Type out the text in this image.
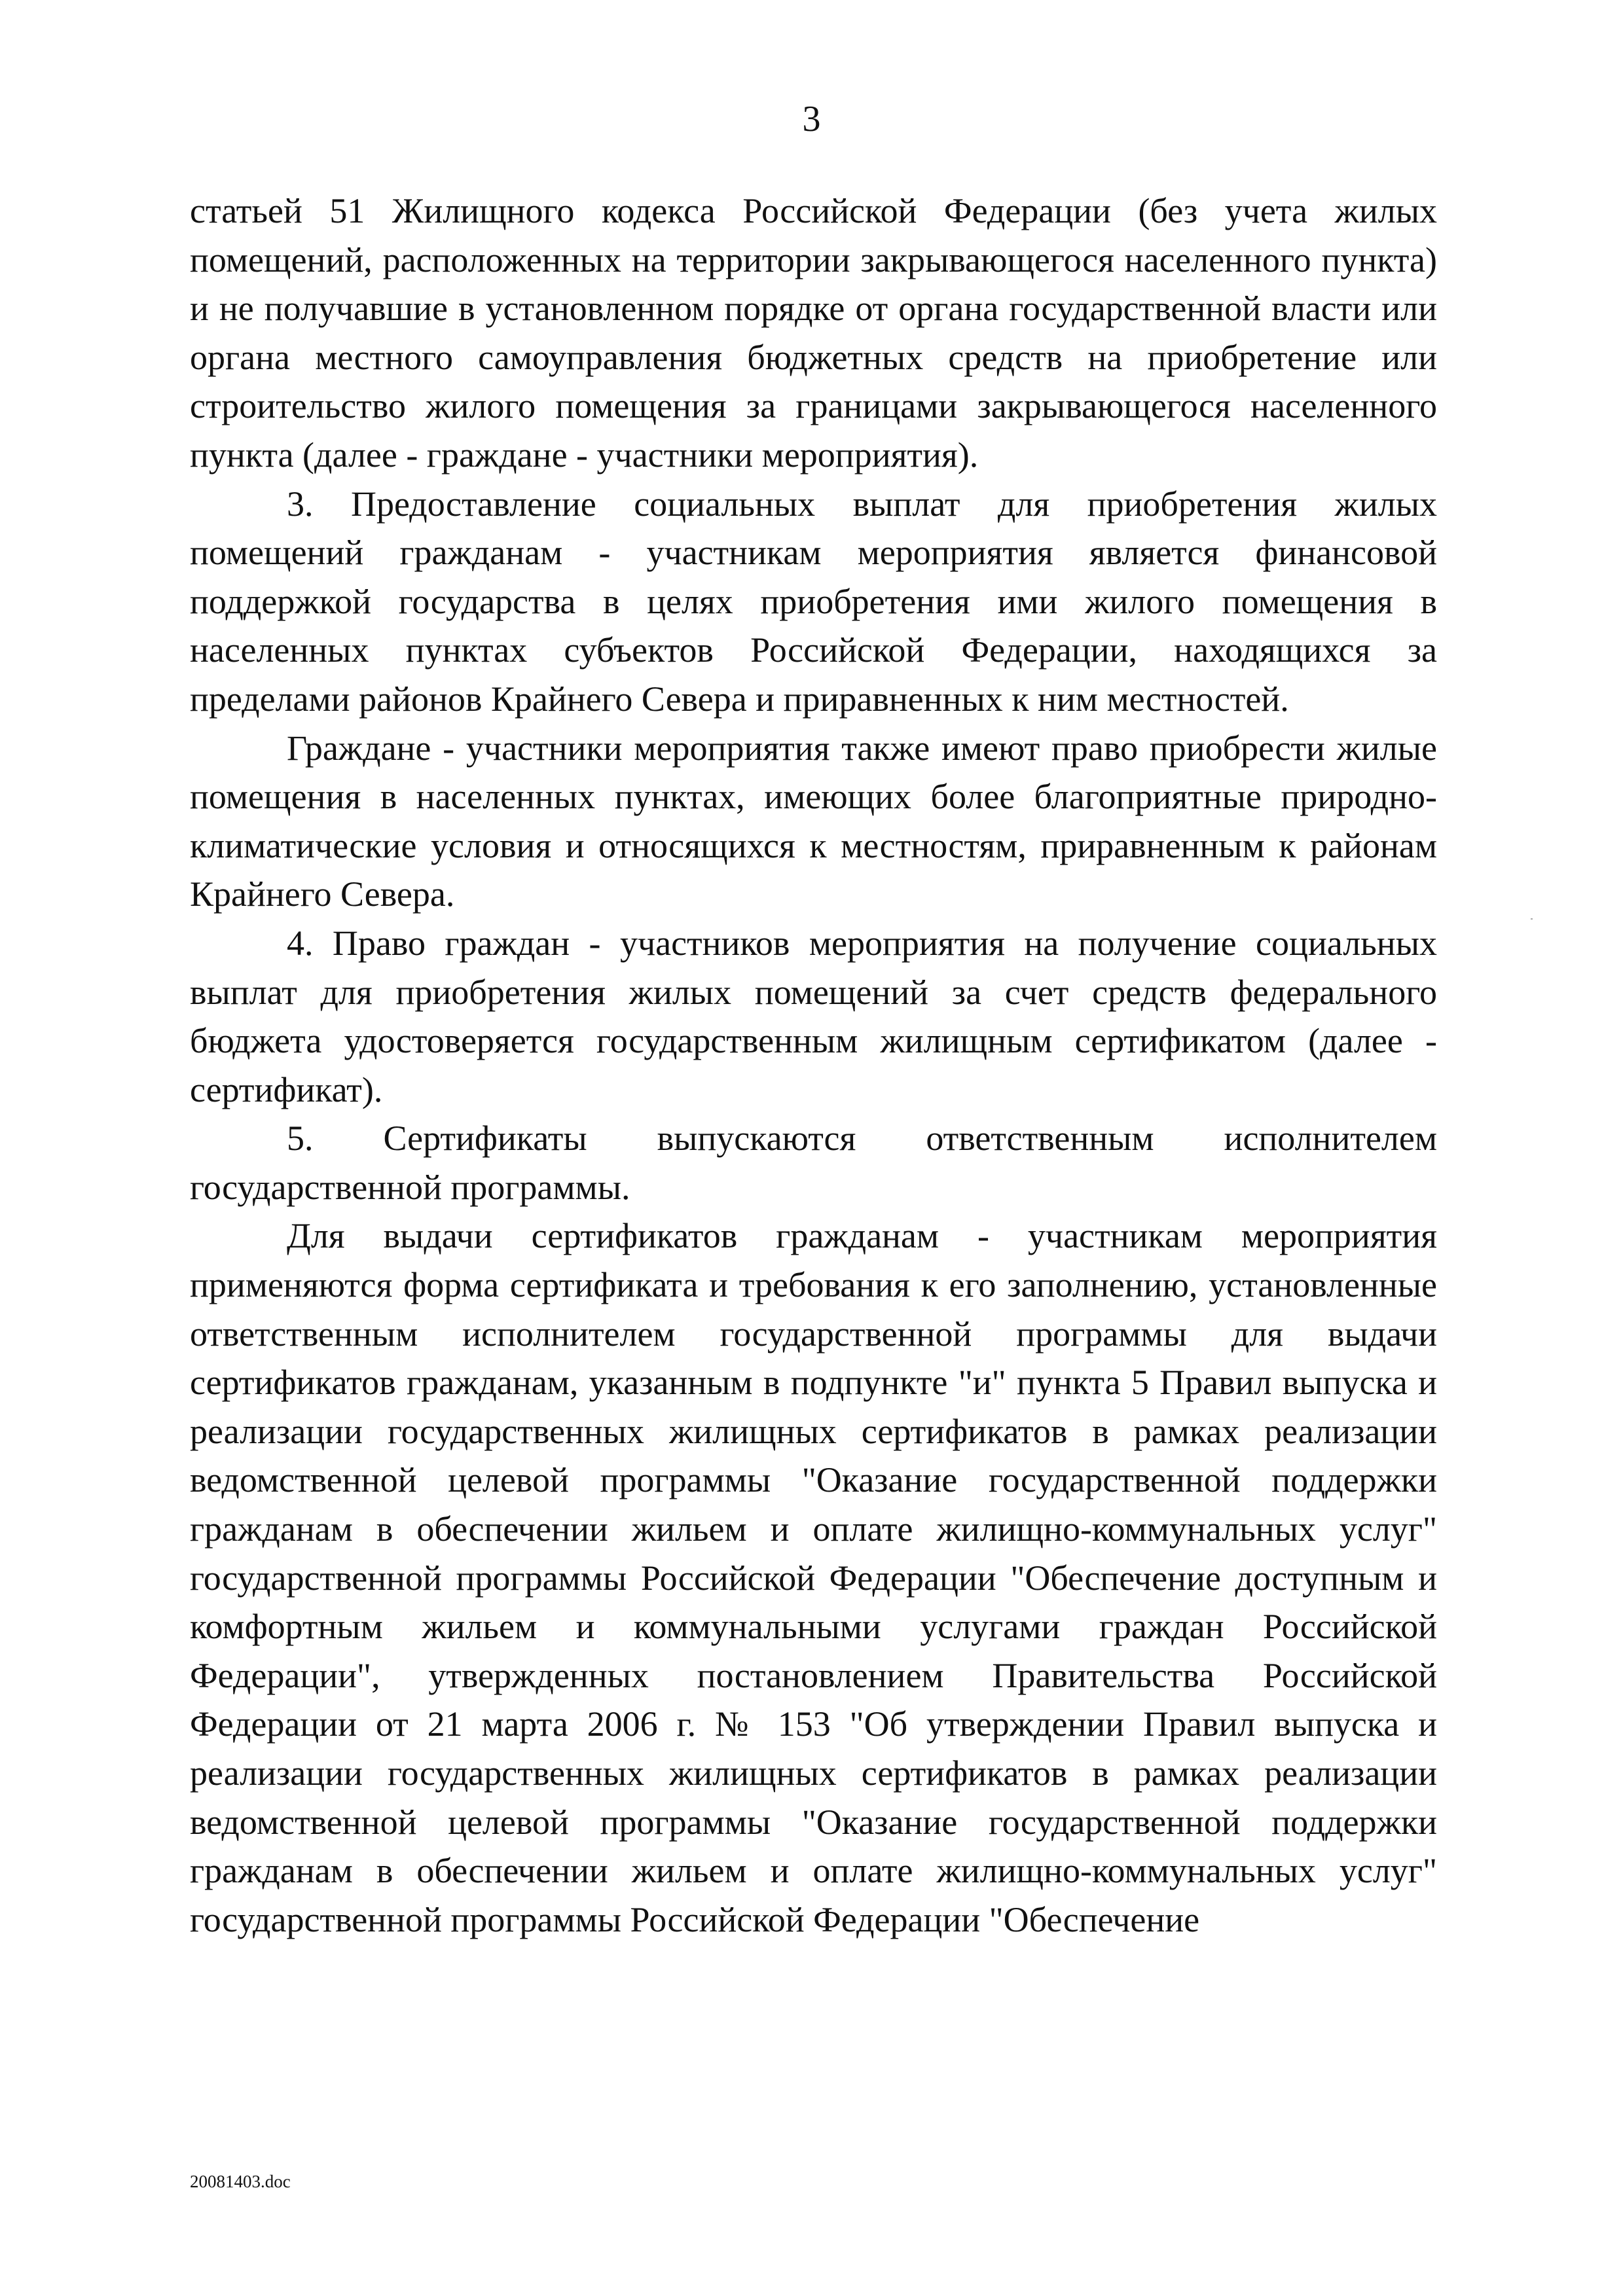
3

статьей 51 Жилищного кодекса Российской Федерации (без учета жилых помещений, расположенных на территории закрывающегося населенного пункта) и не получавшие в установленном порядке от органа государственной власти или органа местного самоуправления бюджетных средств на приобретение или строительство жилого помещения за границами закрывающегося населенного пункта (далее - граждане - участники мероприятия).

3. Предоставление социальных выплат для приобретения жилых помещений гражданам - участникам мероприятия является финансовой поддержкой государства в целях приобретения ими жилого помещения в населенных пунктах субъектов Российской Федерации, находящихся за пределами районов Крайнего Севера и приравненных к ним местностей.

Граждане - участники мероприятия также имеют право приобрести жилые помещения в населенных пунктах, имеющих более благоприятные природно-климатические условия и относящихся к местностям, приравненным к районам Крайнего Севера.

4. Право граждан - участников мероприятия на получение социальных выплат для приобретения жилых помещений за счет средств федерального бюджета удостоверяется государственным жилищным сертификатом (далее - сертификат).

5. Сертификаты выпускаются ответственным исполнителем государственной программы.

Для выдачи сертификатов гражданам - участникам мероприятия применяются форма сертификата и требования к его заполнению, установленные ответственным исполнителем государственной программы для выдачи сертификатов гражданам, указанным в подпункте "и" пункта 5 Правил выпуска и реализации государственных жилищных сертификатов в рамках реализации ведомственной целевой программы "Оказание государственной поддержки гражданам в обеспечении жильем и оплате жилищно-коммунальных услуг" государственной программы Российской Федерации "Обеспечение доступным и комфортным жильем и коммунальными услугами граждан Российской Федерации", утвержденных постановлением Правительства Российской Федерации от 21 марта 2006 г. № 153 "Об утверждении Правил выпуска и реализации государственных жилищных сертификатов в рамках реализации ведомственной целевой программы "Оказание государственной поддержки гражданам в обеспечении жильем и оплате жилищно-коммунальных услуг" государственной программы Российской Федерации "Обеспечение

20081403.doc
